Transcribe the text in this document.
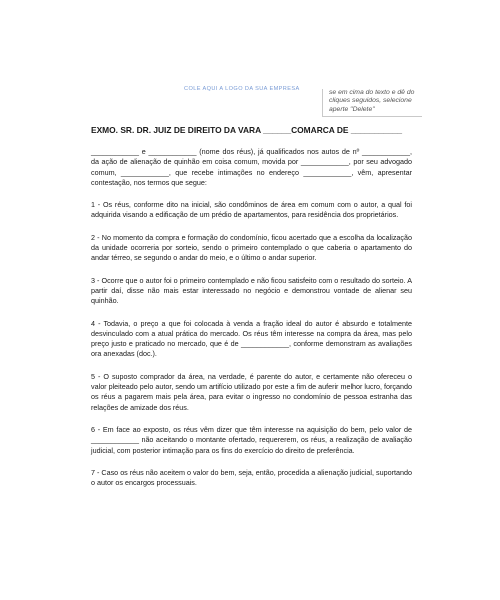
COLE AQUI A LOGO DA SUA EMPRESA	se em cima do texto e dê do
cliques seguidos, selecione
aperte "Delete"
EXMO. SR. DR. JUIZ DE DIREITO DA VARA ______COMARCA DE ___________

____________ e ____________ (nome dos réus), já qualificados nos autos de nº ____________, da ação de alienação de quinhão em coisa comum, movida por ____________, por seu advogado comum, ____________, que recebe intimações no endereço ____________, vêm, apresentar contestação, nos termos que segue:

1 - Os réus, conforme dito na inicial, são condôminos de área em comum com o autor, a qual foi adquirida visando a edificação de um prédio de apartamentos, para residência dos proprietários.

2 - No momento da compra e formação do condomínio, ficou acertado que a escolha da localização da unidade ocorreria por sorteio, sendo o primeiro contemplado o que caberia o apartamento do andar térreo, se segundo o andar do meio, e o último o andar superior.

3 - Ocorre que o autor foi o primeiro contemplado e não ficou satisfeito com o resultado do sorteio. A partir daí, disse não mais estar interessado no negócio e demonstrou vontade de alienar seu quinhão.

4 - Todavia, o preço a que foi colocada à venda a fração ideal do autor é absurdo e totalmente desvinculado com a atual prática do mercado. Os réus têm interesse na compra da área, mas pelo preço justo e praticado no mercado, que é de ____________, conforme demonstram as avaliações ora anexadas (doc.).

5 - O suposto comprador da área, na verdade, é parente do autor, e certamente não ofereceu o valor pleiteado pelo autor, sendo um artifício utilizado por este a fim de auferir melhor lucro, forçando os réus a pagarem mais pela área, para evitar o ingresso no condomínio de pessoa estranha das relações de amizade dos réus.

6 - Em face ao exposto, os réus vêm dizer que têm interesse na aquisição do bem, pelo valor de ____________ não aceitando o montante ofertado, requererem, os réus, a realização de avaliação judicial, com posterior intimação para os fins do exercício do direito de preferência.

7 - Caso os réus não aceitem o valor do bem, seja, então, procedida a alienação judicial, suportando o autor os encargos processuais.
